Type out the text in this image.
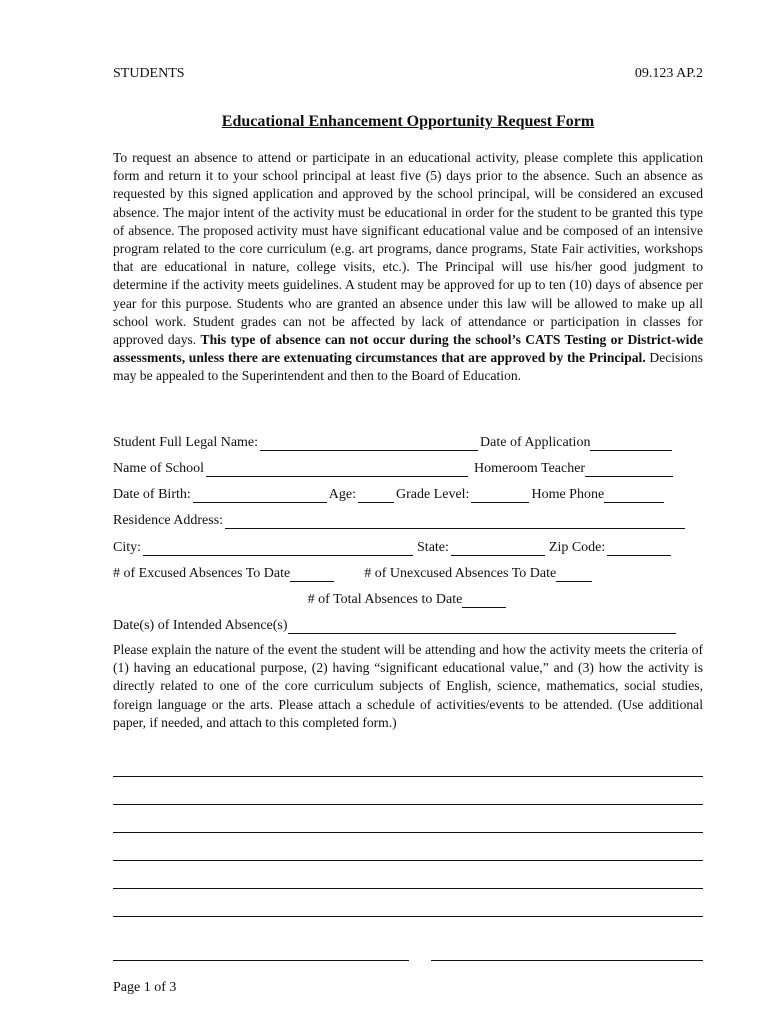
STUDENTS	09.123 AP.2
Educational Enhancement Opportunity Request Form

To request an absence to attend or participate in an educational activity, please complete this application form and return it to your school principal at least five (5) days prior to the absence. Such an absence as requested by this signed application and approved by the school principal, will be considered an excused absence. The major intent of the activity must be educational in order for the student to be granted this type of absence. The proposed activity must have significant educational value and be composed of an intensive program related to the core curriculum (e.g. art programs, dance programs, State Fair activities, workshops that are educational in nature, college visits, etc.). The Principal will use his/her good judgment to determine if the activity meets guidelines. A student may be approved for up to ten (10) days of absence per year for this purpose. Students who are granted an absence under this law will be allowed to make up all school work. Student grades can not be affected by lack of attendance or participation in classes for approved days. This type of absence can not occur during the school’s CATS Testing or District-wide assessments, unless there are extenuating circumstances that are approved by the Principal. Decisions may be appealed to the Superintendent and then to the Board of Education.

Student Full Legal Name:	Date of Application
Name of School	Homeroom Teacher
Date of Birth:	Age:	Grade Level:	Home Phone
Residence Address:
City:	State:	Zip Code:
# of Excused Absences To Date	# of Unexcused Absences To Date
# of Total Absences to Date
Date(s) of Intended Absence(s)

Please explain the nature of the event the student will be attending and how the activity meets the criteria of (1) having an educational purpose, (2) having “significant educational value,” and (3) how the activity is directly related to one of the core curriculum subjects of English, science, mathematics, social studies, foreign language or the arts. Please attach a schedule of activities/events to be attended. (Use additional paper, if needed, and attach to this completed form.)

Page 1 of 3
